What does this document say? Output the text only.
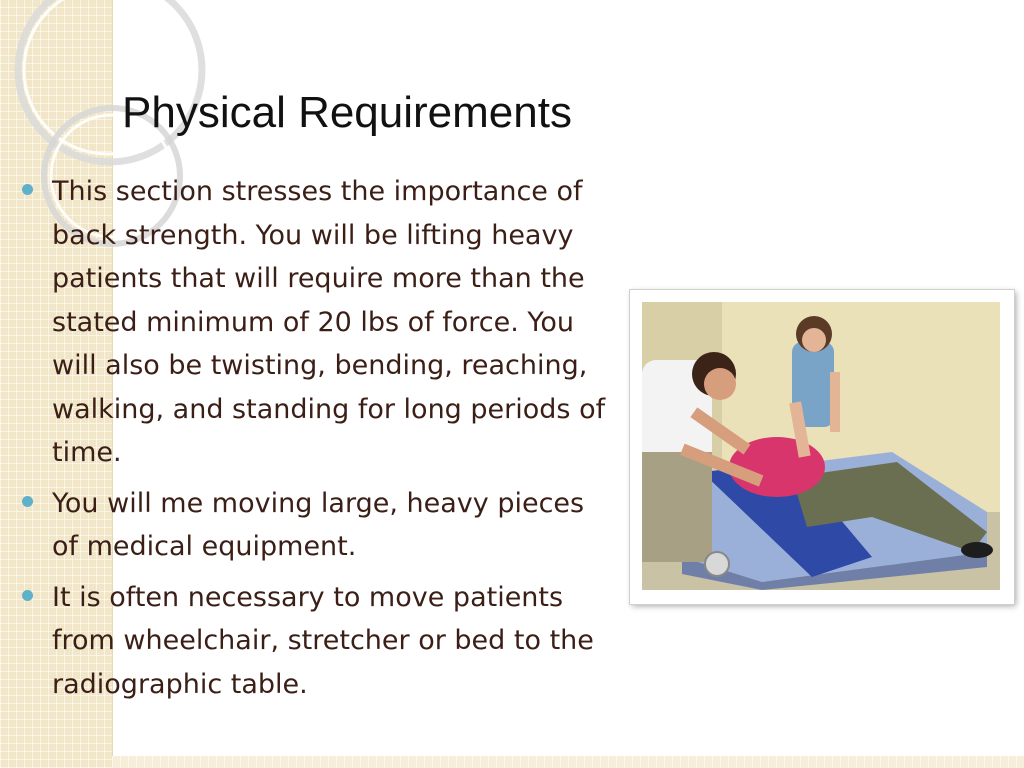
Physical Requirements
This section stresses the importance of back strength. You will be lifting heavy patients that will require more than the stated minimum of 20 lbs of force. You will also be twisting, bending, reaching, walking, and standing for long periods of time.
You will me moving large, heavy pieces of medical equipment.
It is often necessary to move patients from wheelchair, stretcher or bed to the radiographic table.
